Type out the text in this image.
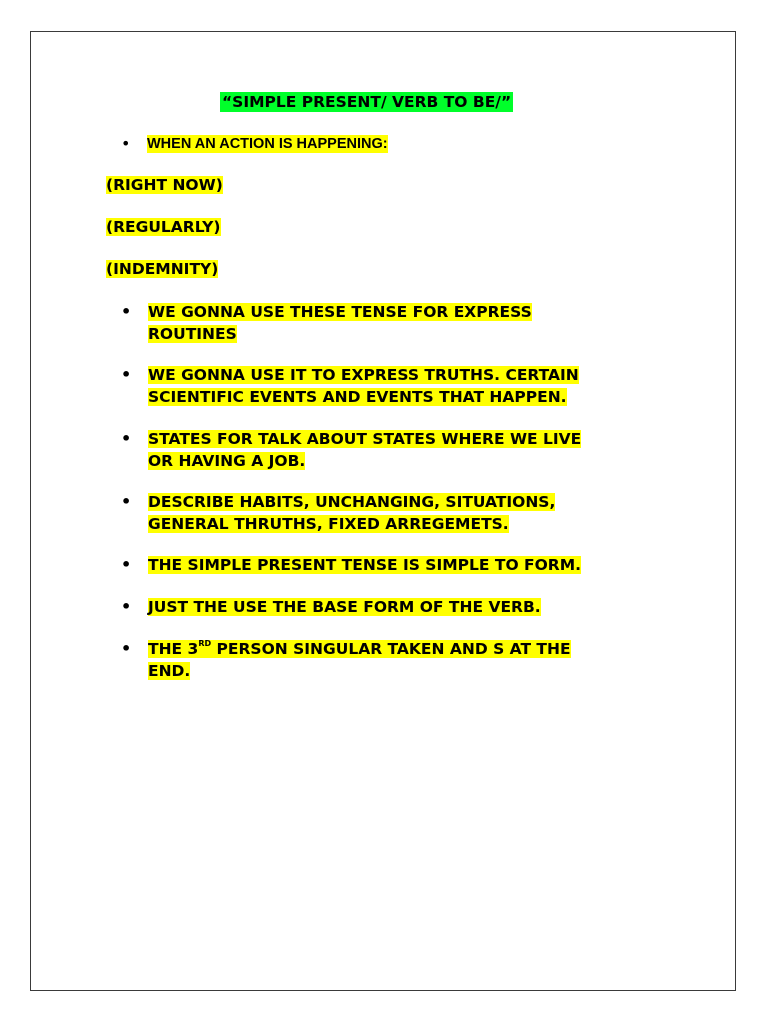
“SIMPLE PRESENT/ VERB TO BE/”
•	WHEN AN ACTION IS HAPPENING:
(RIGHT NOW)
(REGULARLY)
(INDEMNITY)
•	WE GONNA USE THESE TENSE FOR EXPRESS
ROUTINES
•	WE GONNA USE IT TO EXPRESS TRUTHS. CERTAIN
SCIENTIFIC EVENTS AND EVENTS THAT HAPPEN.
•	STATES FOR TALK ABOUT STATES WHERE WE LIVE
OR HAVING A JOB.
•	DESCRIBE HABITS, UNCHANGING, SITUATIONS,
GENERAL THRUTHS, FIXED ARREGEMETS.
•	THE SIMPLE PRESENT TENSE IS SIMPLE TO FORM.
•	JUST THE USE THE BASE FORM OF THE VERB.
•	THE 3RD PERSON SINGULAR TAKEN AND S AT THE
END.
